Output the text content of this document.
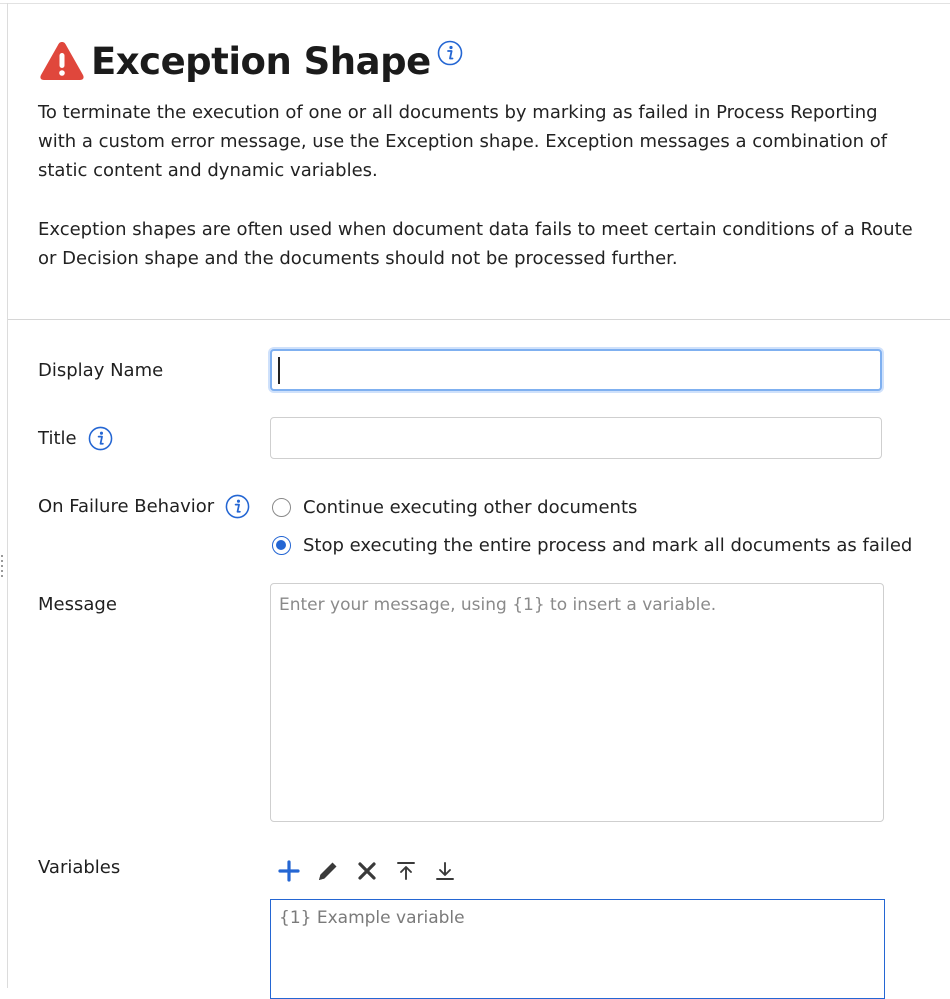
Exception Shape

To terminate the execution of one or all documents by marking as failed in Process Reporting with a custom error message, use the Exception shape. Exception messages a combination of static content and dynamic variables.

Exception shapes are often used when document data fails to meet certain conditions of a Route or Decision shape and the documents should not be processed further.

Display Name
Title
On Failure Behavior	Continue executing other documents
Stop executing the entire process and mark all documents as failed
Message	Enter your message, using {1} to insert a variable.
Variables
{1} Example variable
